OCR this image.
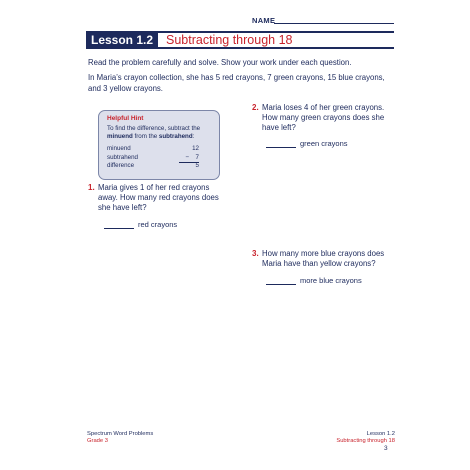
NAME
Lesson 1.2	Subtracting through 18
Read the problem carefully and solve. Show your work under each question.
In Maria’s crayon collection, she has 5 red crayons, 7 green crayons, 15 blue crayons, and 3 yellow crayons.
Helpful Hint
To find the difference, subtract the minuend from the subtrahend:
minuend	12
subtrahend	− 7
difference	5
1. Maria gives 1 of her red crayons away. How many red crayons does she have left?
red crayons
2. Maria loses 4 of her green crayons. How many green crayons does she have left?
green crayons
3. How many more blue crayons does Maria have than yellow crayons?
more blue crayons
Spectrum Word Problems
Grade 3
Lesson 1.2
Subtracting through 18
3
